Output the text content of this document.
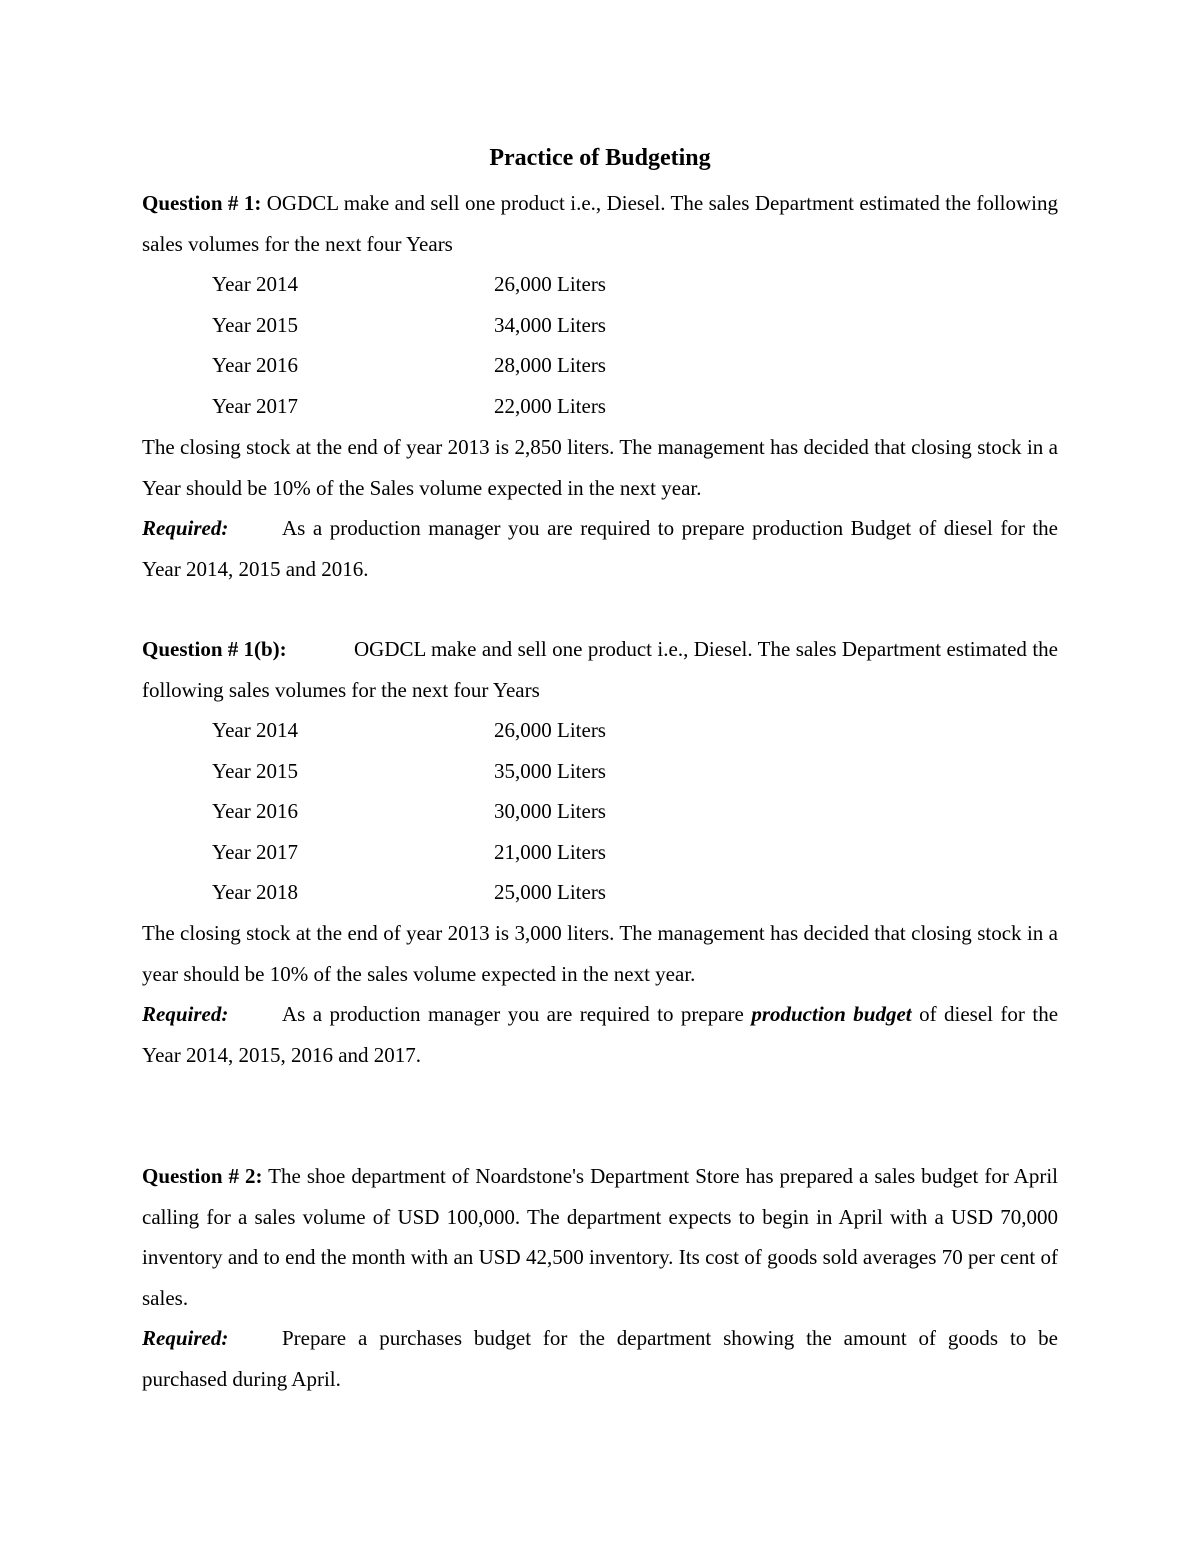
Practice of Budgeting
Question # 1: OGDCL make and sell one product i.e., Diesel. The sales Department estimated the following sales volumes for the next four Years
Year 2014	26,000 Liters
Year 2015	34,000 Liters
Year 2016	28,000 Liters
Year 2017	22,000 Liters
The closing stock at the end of year 2013 is 2,850 liters. The management has decided that closing stock in a Year should be 10% of the Sales volume expected in the next year.
Required:	As a production manager you are required to prepare production Budget of diesel for the Year 2014, 2015 and 2016.
Question # 1(b):	OGDCL make and sell one product i.e., Diesel. The sales Department estimated the following sales volumes for the next four Years
Year 2014	26,000 Liters
Year 2015	35,000 Liters
Year 2016	30,000 Liters
Year 2017	21,000 Liters
Year 2018	25,000 Liters
The closing stock at the end of year 2013 is 3,000 liters. The management has decided that closing stock in a year should be 10% of the sales volume expected in the next year.
Required:	As a production manager you are required to prepare production budget of diesel for the Year 2014, 2015, 2016 and 2017.
Question # 2: The shoe department of Noardstone's Department Store has prepared a sales budget for April calling for a sales volume of USD 100,000. The department expects to begin in April with a USD 70,000 inventory and to end the month with an USD 42,500 inventory. Its cost of goods sold averages 70 per cent of sales.
Required:	Prepare a purchases budget for the department showing the amount of goods to be purchased during April.
